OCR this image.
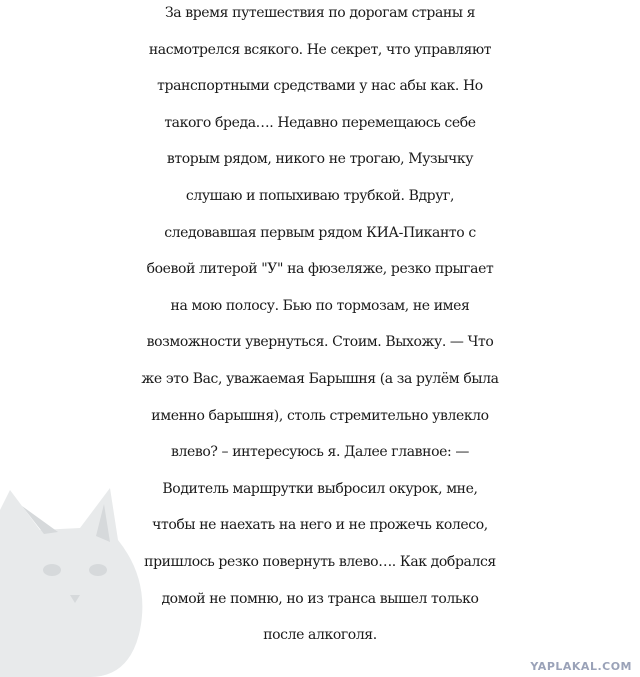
За время путешествия по дорогам страны я
насмотрелся всякого. Не секрет, что управляют
транспортными средствами у нас абы как. Но
такого бреда…. Недавно перемещаюсь себе
вторым рядом, никого не трогаю, Музычку
слушаю и попыхиваю трубкой. Вдруг,
следовавшая первым рядом КИА-Пиканто с
боевой литерой "У" на фюзеляже, резко прыгает
на мою полосу. Бью по тормозам, не имея
возможности увернуться. Стоим. Выхожу. — Что
же это Вас, уважаемая Барышня (а за рулём была
именно барышня), столь стремительно увлекло
влево? – интересуюсь я. Далее главное: —
Водитель маршрутки выбросил окурок, мне,
чтобы не наехать на него и не прожечь колесо,
пришлось резко повернуть влево…. Как добрался
домой не помню, но из транса вышел только
после алкоголя.
YAPLAKAL.COM
